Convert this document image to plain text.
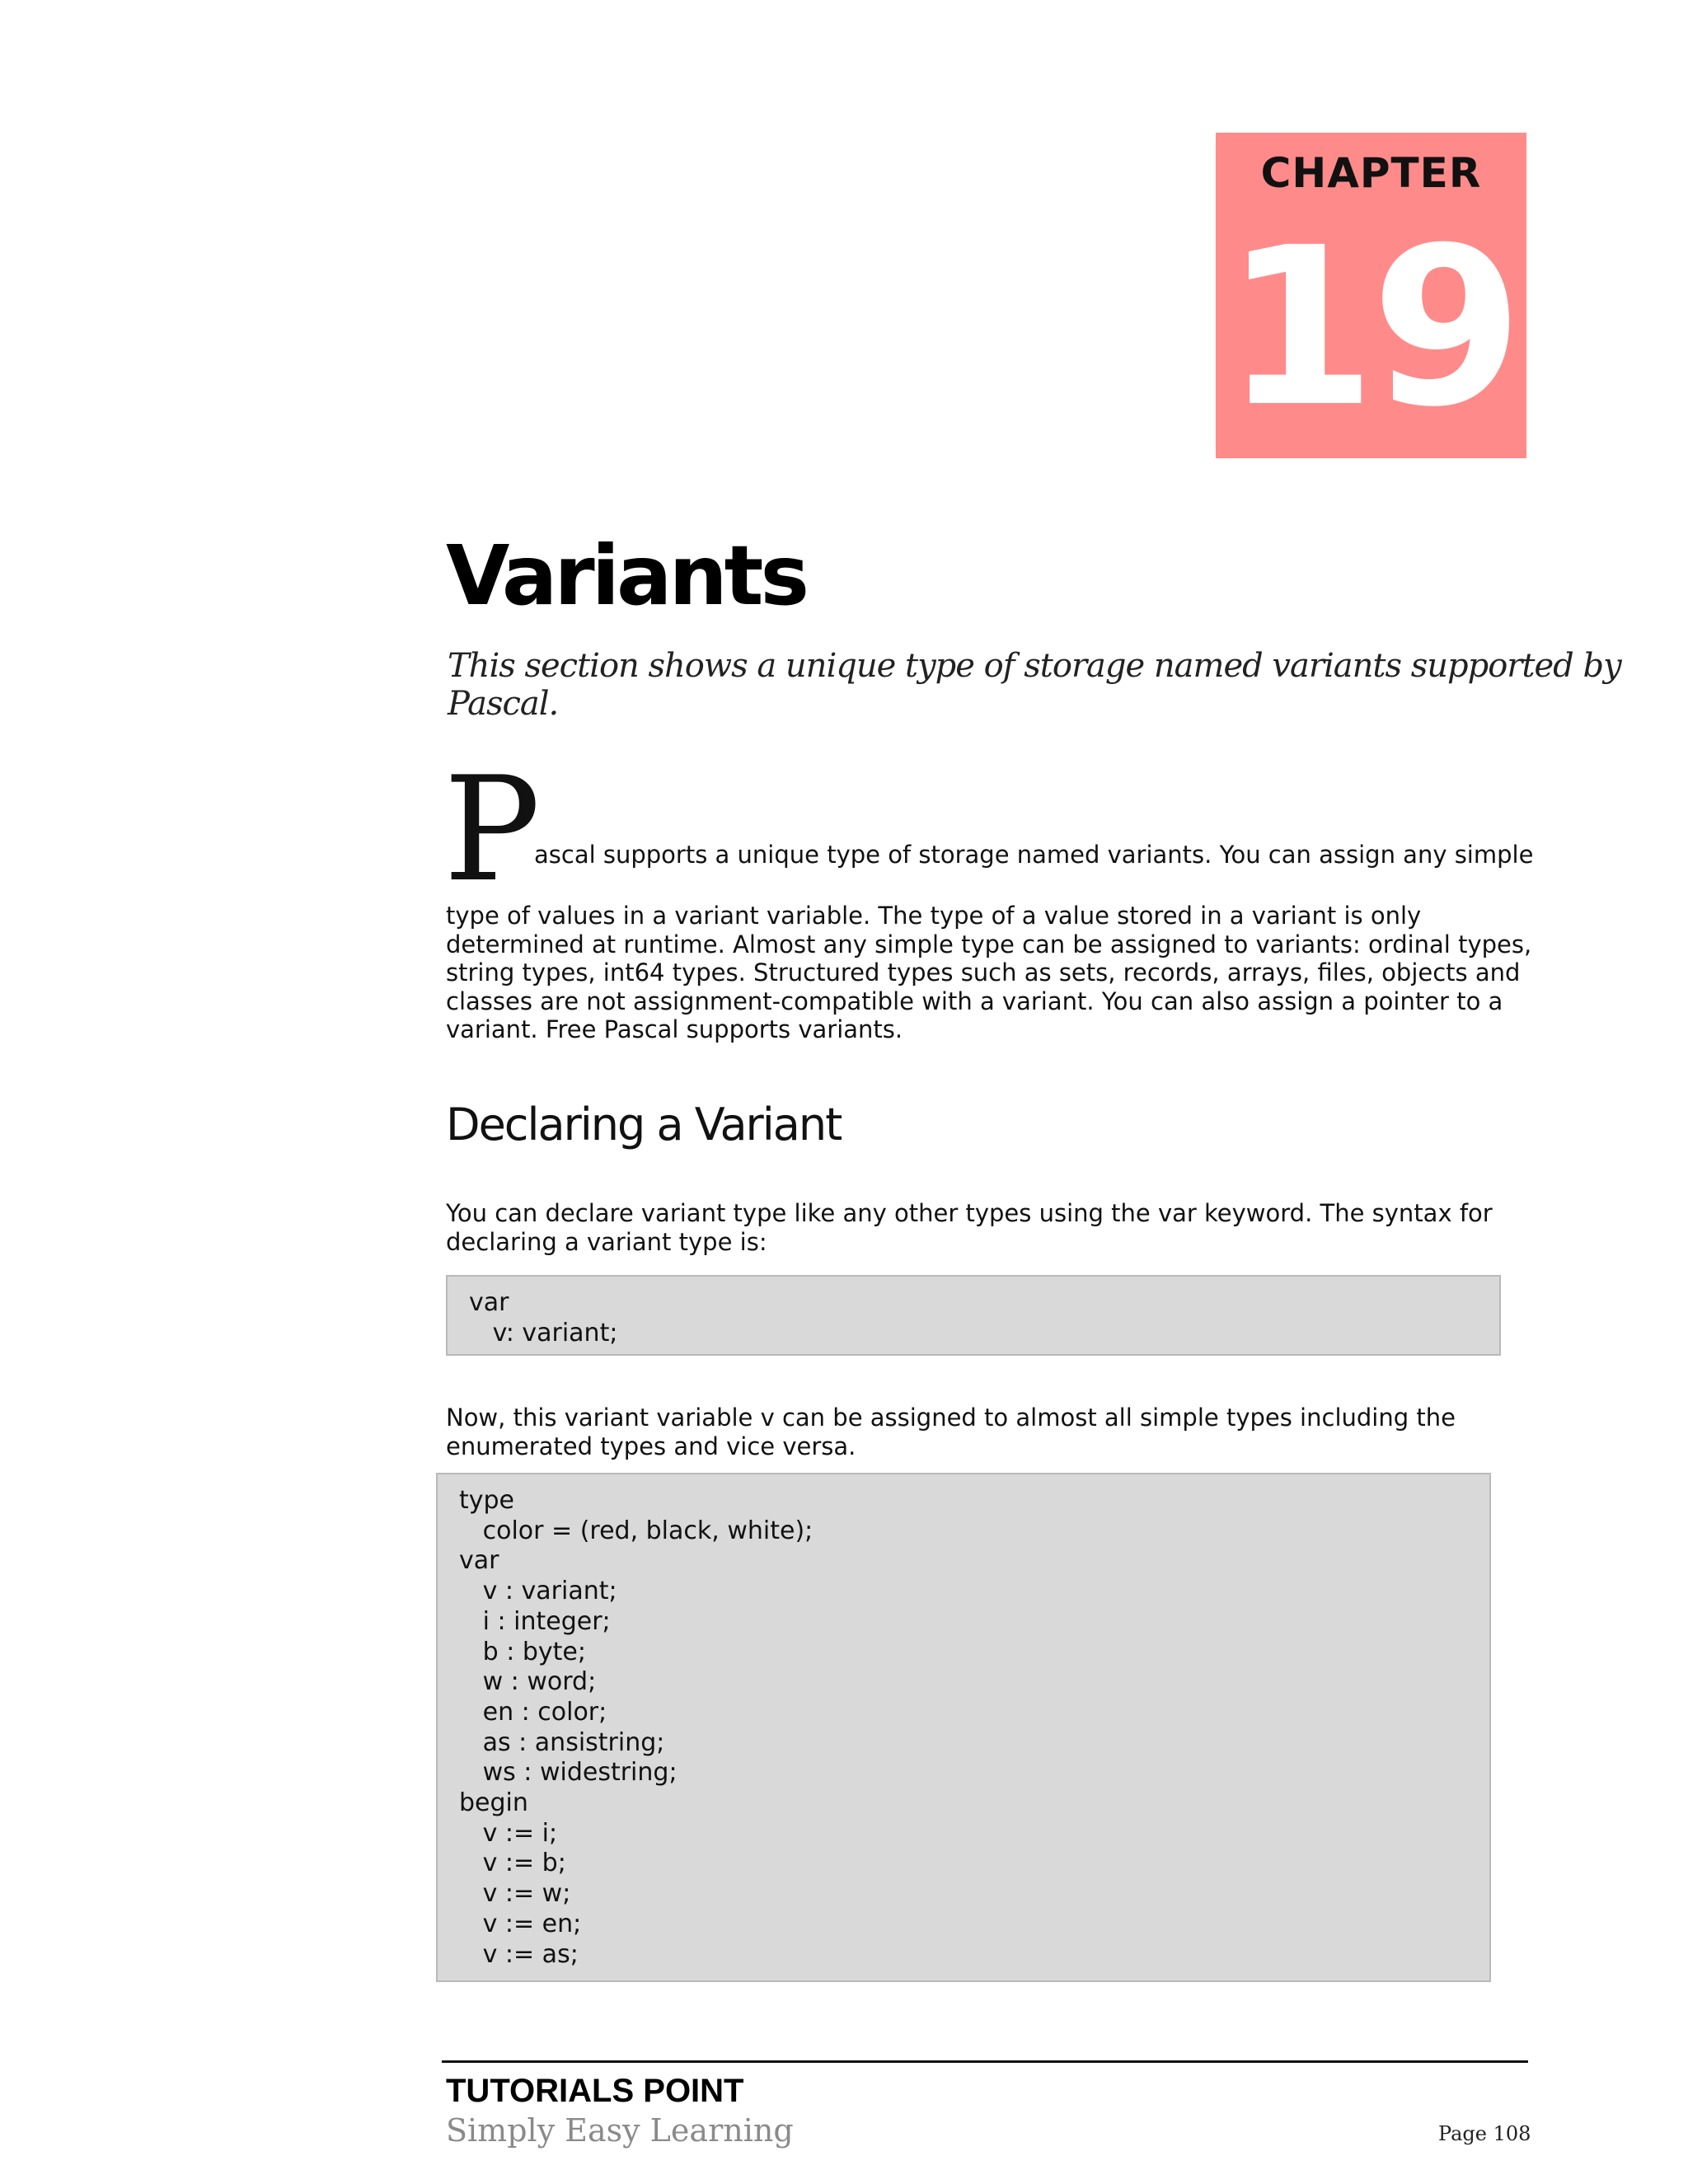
CHAPTER
19
Variants

This section shows a unique type of storage named variants supported by Pascal.

P

ascal supports a unique type of storage named variants. You can assign any simple

type of values in a variant variable. The type of a value stored in a variant is only determined at runtime. Almost any simple type can be assigned to variants: ordinal types, string types, int64 types. Structured types such as sets, records, arrays, files, objects and classes are not assignment-compatible with a variant. You can also assign a pointer to a variant. Free Pascal supports variants.

Declaring a Variant

You can declare variant type like any other types using the var keyword. The syntax for declaring a variant type is:

var
v: variant;

Now, this variant variable v can be assigned to almost all simple types including the enumerated types and vice versa.

type
color = (red, black, white);
var
v : variant;
i : integer;
b : byte;
w : word;
en : color;
as : ansistring;
ws : widestring;
begin
v := i;
v := b;
v := w;
v := en;
v := as;

TUTORIALS POINT

Simply Easy Learning	Page 108
